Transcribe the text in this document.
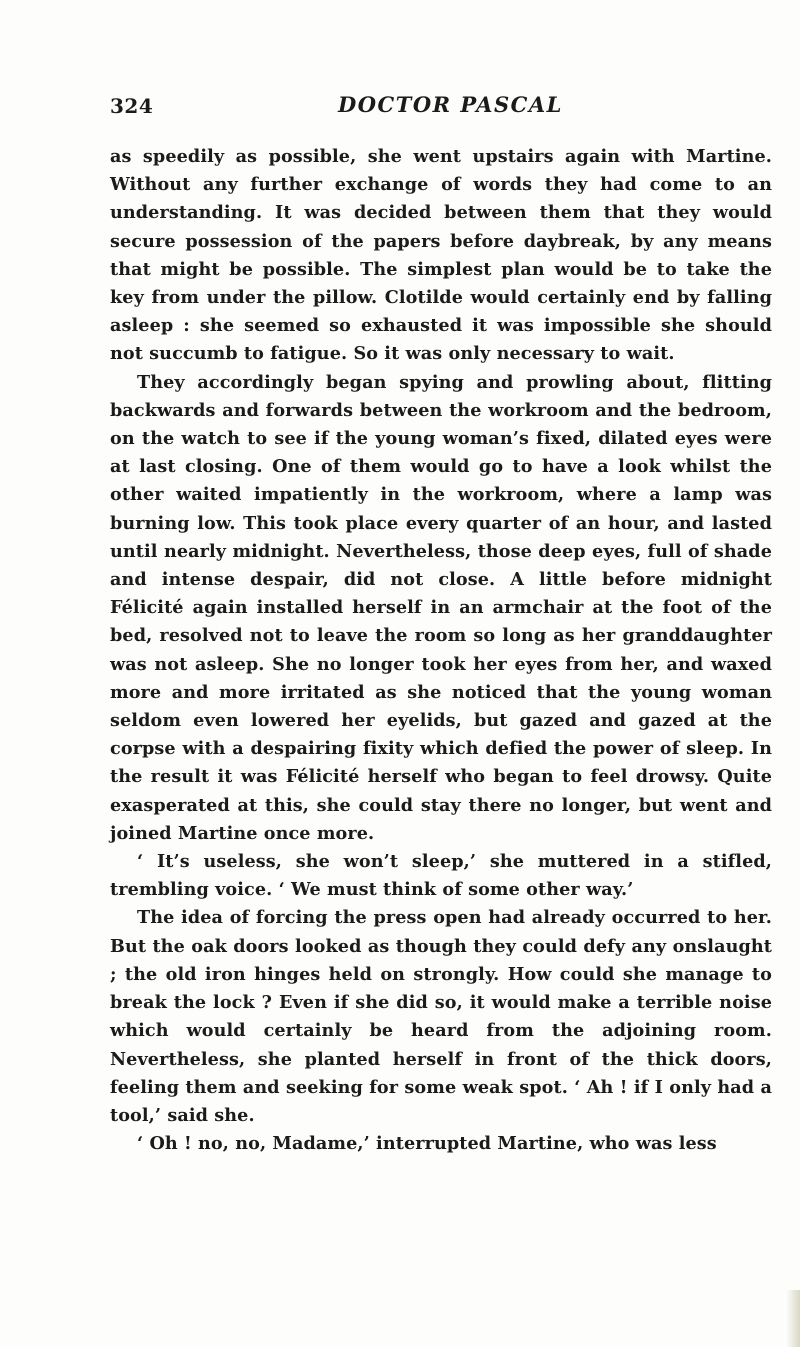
324	DOCTOR PASCAL

as speedily as possible, she went upstairs again with Martine. Without any further exchange of words they had come to an understanding. It was decided between them that they would secure possession of the papers before daybreak, by any means that might be possible. The simplest plan would be to take the key from under the pillow. Clotilde would certainly end by falling asleep : she seemed so exhausted it was impossible she should not succumb to fatigue. So it was only necessary to wait.

They accordingly began spying and prowling about, flitting backwards and forwards between the workroom and the bedroom, on the watch to see if the young woman’s fixed, dilated eyes were at last closing. One of them would go to have a look whilst the other waited impatiently in the workroom, where a lamp was burning low. This took place every quarter of an hour, and lasted until nearly midnight. Nevertheless, those deep eyes, full of shade and intense despair, did not close. A little before midnight Félicité again installed herself in an armchair at the foot of the bed, resolved not to leave the room so long as her granddaughter was not asleep. She no longer took her eyes from her, and waxed more and more irritated as she noticed that the young woman seldom even lowered her eyelids, but gazed and gazed at the corpse with a despairing fixity which defied the power of sleep. In the result it was Félicité herself who began to feel drowsy. Quite exasperated at this, she could stay there no longer, but went and joined Martine once more.

‘ It’s useless, she won’t sleep,’ she muttered in a stifled, trembling voice. ‘ We must think of some other way.’

The idea of forcing the press open had already occurred to her. But the oak doors looked as though they could defy any onslaught ; the old iron hinges held on strongly. How could she manage to break the lock ? Even if she did so, it would make a terrible noise which would certainly be heard from the adjoining room. Nevertheless, she planted herself in front of the thick doors, feeling them and seeking for some weak spot. ‘ Ah ! if I only had a tool,’ said she.

‘ Oh ! no, no, Madame,’ interrupted Martine, who was less
